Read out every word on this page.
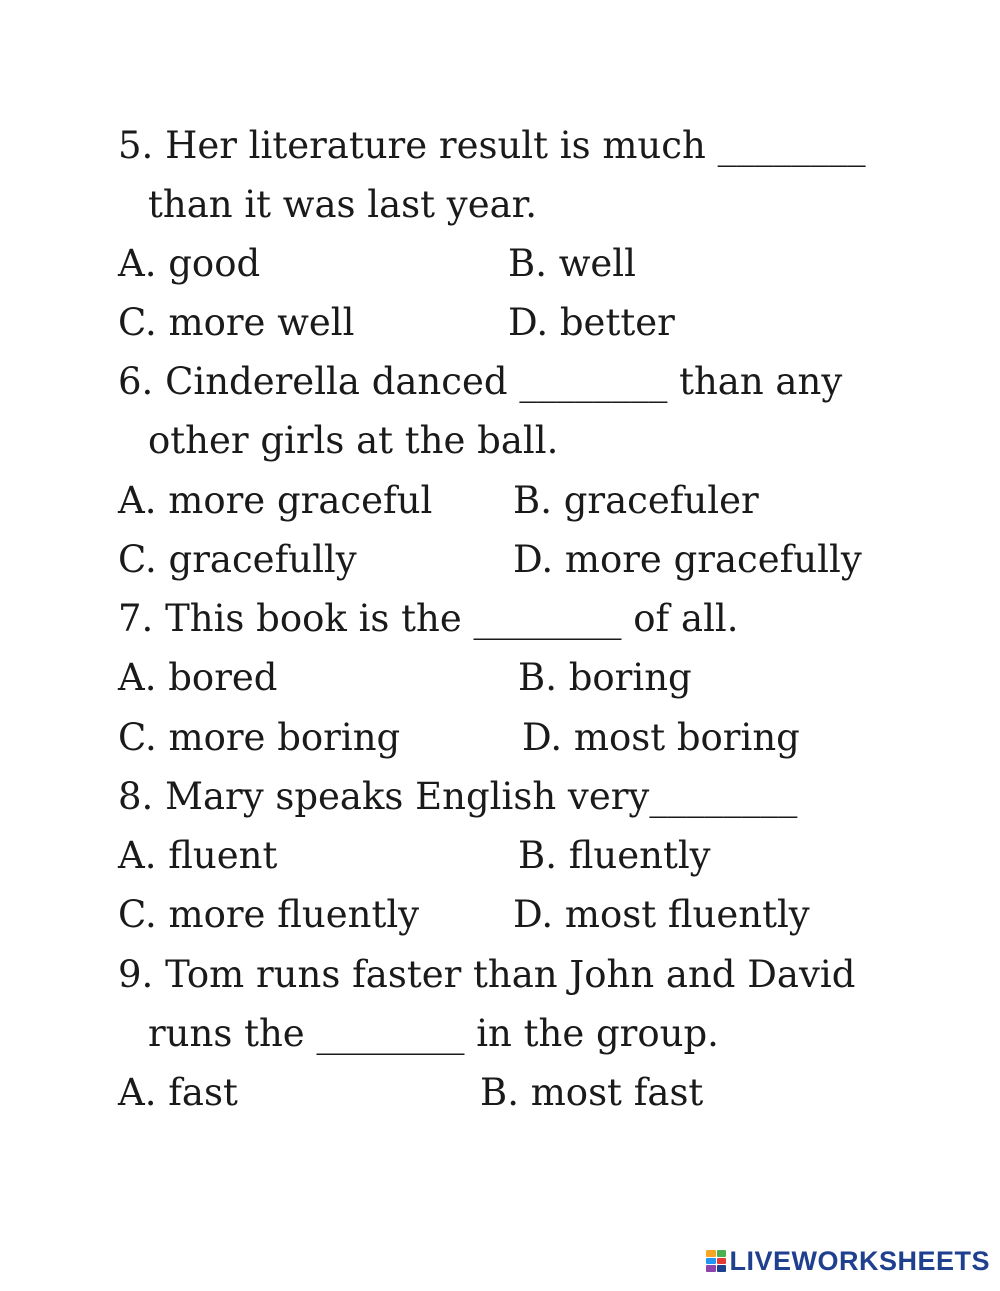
5. Her literature result is much ________
than it was last year.
A. good	B. well
C. more well	D. better
6. Cinderella danced ________ than any
other girls at the ball.
A. more graceful B. gracefuler
C. gracefully	D. more gracefully
7. This book is the ________ of all.
A. bored	B. boring
C. more boring	D. most boring
8. Mary speaks English very________
A. fluent	B. fluently
C. more fluently	D. most fluently
9. Tom runs faster than John and David
runs the ________ in the group.
A. fast	B. most fast
LIVEWORKSHEETS
